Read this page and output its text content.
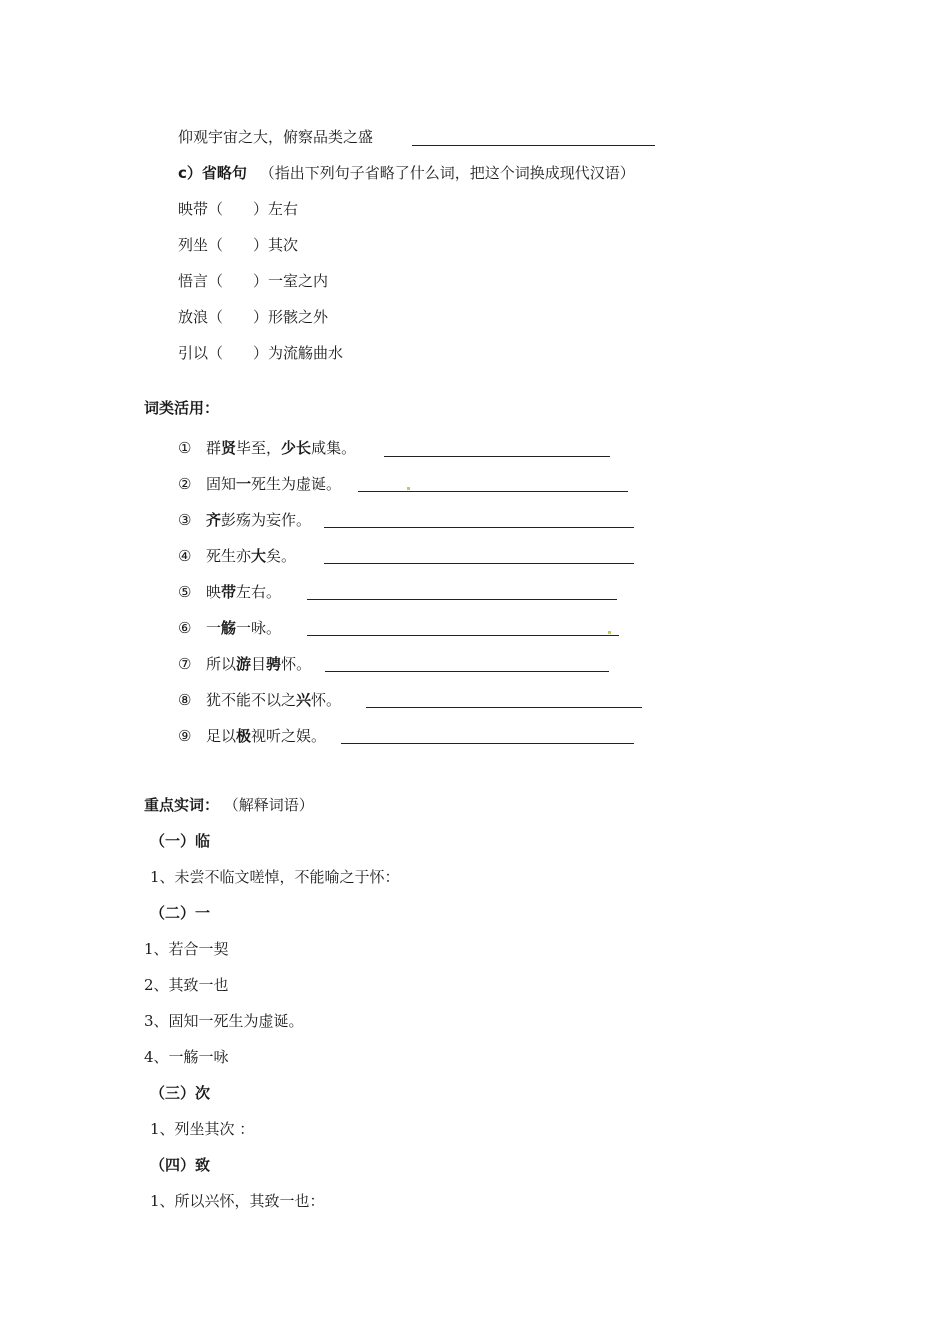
仰观宇宙之大，俯察品类之盛
c）省略句 （指出下列句子省略了什么词，把这个词换成现代汉语）
映带（　　）左右
列坐（　　）其次
悟言（　　）一室之内
放浪（　　）形骸之外
引以（　　）为流觞曲水
词类活用：
① 群贤毕至，少长咸集。
② 固知一死生为虚诞。
③ 齐彭殇为妄作。
④ 死生亦大矣。
⑤ 映带左右。
⑥ 一觞一咏。
⑦ 所以游目骋怀。
⑧ 犹不能不以之兴怀。
⑨ 足以极视听之娱。
重点实词： （解释词语）
（一）临
1、未尝不临文嗟悼，不能喻之于怀：
（二）一
1、若合一契
2、其致一也
3、固知一死生为虚诞。
4、一觞一咏
（三）次
1、列坐其次 ：
（四）致
1、所以兴怀，其致一也：
